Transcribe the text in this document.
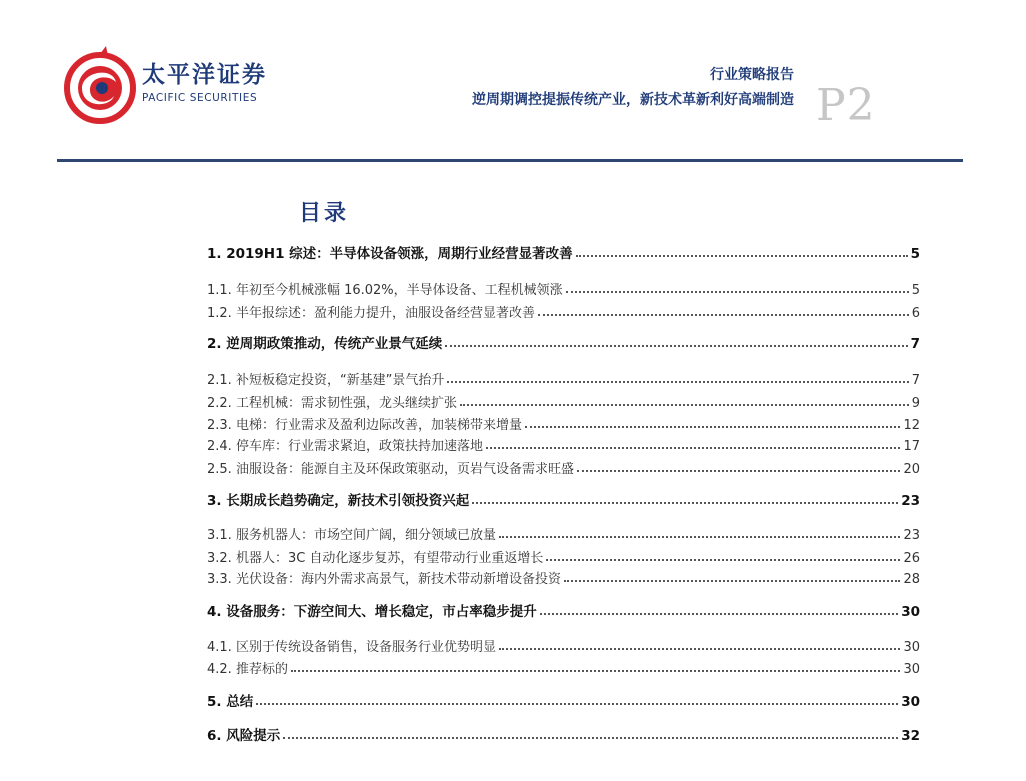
太平洋证券
PACIFIC SECURITIES
行业策略报告
逆周期调控提振传统产业，新技术革新利好高端制造 P2
目录
1. 2019H1 综述：半导体设备领涨，周期行业经营显著改善	5
1.1. 年初至今机械涨幅 16.02%，半导体设备、工程机械领涨	5
1.2. 半年报综述：盈利能力提升，油服设备经营显著改善	6
2. 逆周期政策推动，传统产业景气延续	7
2.1. 补短板稳定投资，“新基建”景气抬升	7
2.2. 工程机械：需求韧性强，龙头继续扩张	9
2.3. 电梯：行业需求及盈利边际改善，加装梯带来增量	12
2.4. 停车库：行业需求紧迫，政策扶持加速落地	17
2.5. 油服设备：能源自主及环保政策驱动，页岩气设备需求旺盛	20
3. 长期成长趋势确定，新技术引领投资兴起	23
3.1. 服务机器人：市场空间广阔，细分领域已放量	23
3.2. 机器人：3C 自动化逐步复苏，有望带动行业重返增长	26
3.3. 光伏设备：海内外需求高景气，新技术带动新增设备投资	28
4. 设备服务：下游空间大、增长稳定，市占率稳步提升	30
4.1. 区别于传统设备销售，设备服务行业优势明显	30
4.2. 推荐标的	30
5. 总结	30
6. 风险提示	32
